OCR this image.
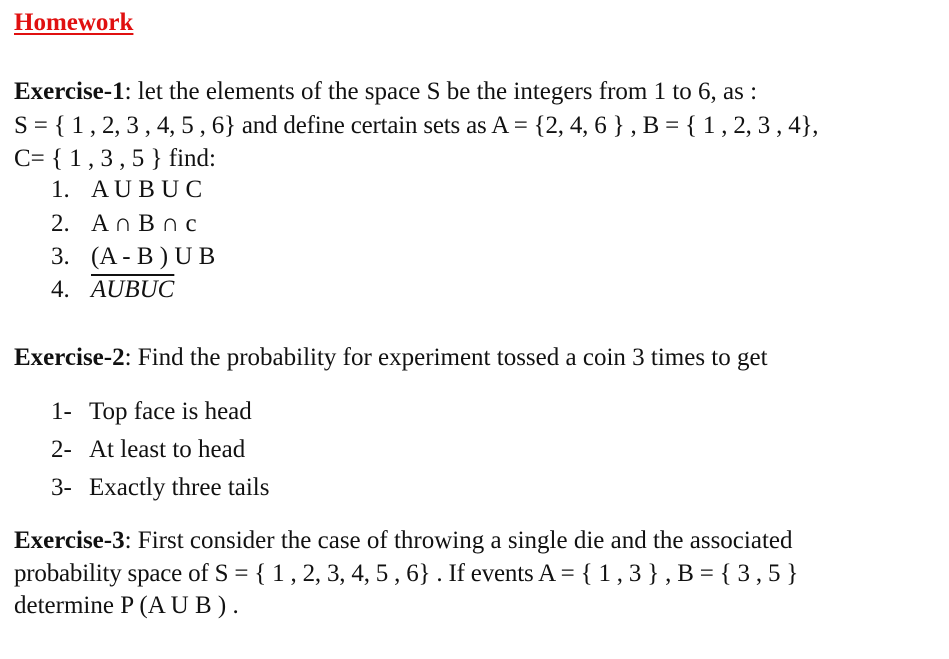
Homework
Exercise-1: let the elements of the space S be the integers from 1 to 6, as :
S = { 1 , 2, 3 , 4, 5 , 6} and define certain sets as A = {2, 4, 6 } , B = { 1 , 2, 3 , 4},
C= { 1 , 3 , 5 } find:
1. A U B U C
2. A ∩ B ∩ c
3. (A - B ) U B
4. AUBUC
Exercise-2: Find the probability for experiment tossed a coin 3 times to get
1- Top face is head
2- At least to head
3- Exactly three tails
Exercise-3: First consider the case of throwing a single die and the associated
probability space of S = { 1 , 2, 3, 4, 5 , 6} . If events A = { 1 , 3 } , B = { 3 , 5 }
determine P (A U B ) .
